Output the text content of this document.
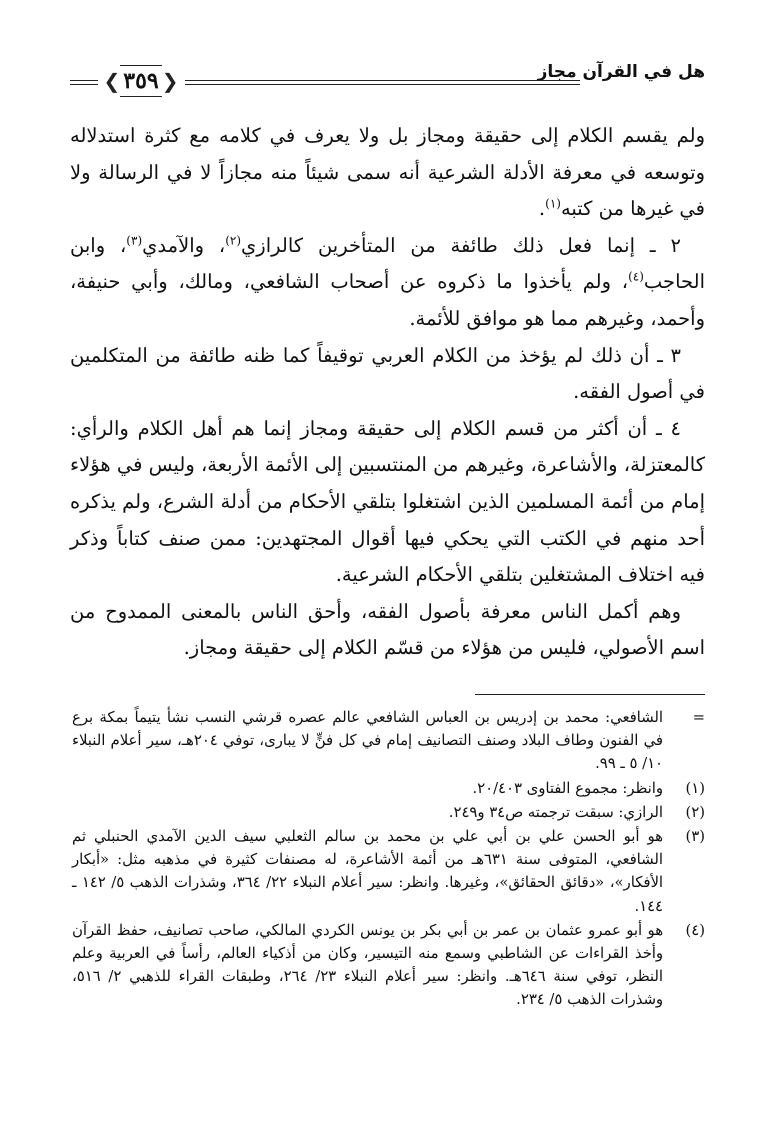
هل في القرآن مجاز
❮
٣٥٩
❯

ولم يقسم الكلام إلى حقيقة ومجاز بل ولا يعرف في كلامه مع كثرة استدلاله وتوسعه في معرفة الأدلة الشرعية أنه سمى شيئاً منه مجازاً لا في الرسالة ولا في غيرها من كتبه$^{(١)}$.

٢ ـ إنما فعل ذلك طائفة من المتأخرين كالرازي$^{(٢)}$، والآمدي$^{(٣)}$، وابن الحاجب$^{(٤)}$، ولم يأخذوا ما ذكروه عن أصحاب الشافعي، ومالك، وأبي حنيفة، وأحمد، وغيرهم مما هو موافق للأئمة.

٣ ـ أن ذلك لم يؤخذ من الكلام العربي توقيفاً كما ظنه طائفة من المتكلمين في أصول الفقه.

٤ ـ أن أكثر من قسم الكلام إلى حقيقة ومجاز إنما هم أهل الكلام والرأي: كالمعتزلة، والأشاعرة، وغيرهم من المنتسبين إلى الأئمة الأربعة، وليس في هؤلاء إمام من أئمة المسلمين الذين اشتغلوا بتلقي الأحكام من أدلة الشرع، ولم يذكره أحد منهم في الكتب التي يحكي فيها أقوال المجتهدين: ممن صنف كتاباً وذكر فيه اختلاف المشتغلين بتلقي الأحكام الشرعية.

وهم أكمل الناس معرفة بأصول الفقه، وأحق الناس بالمعنى الممدوح من اسم الأصولي، فليس من هؤلاء من قسّم الكلام إلى حقيقة ومجاز.

=
الشافعي: محمد بن إدريس بن العباس الشافعي عالم عصره قرشي النسب نشأ يتيماً بمكة برع في الفنون وطاف البلاد وصنف التصانيف إمام في كل فنٍّ لا يبارى، توفي ٢٠٤هـ، سير أعلام النبلاء ١٠/ ٥ ـ ٩٩.
(١)
وانظر: مجموع الفتاوى ٢٠/٤٠٣.
(٢)
الرازي: سبقت ترجمته ص٣٤ و٢٤٩.
(٣)
هو أبو الحسن علي بن أبي علي بن محمد بن سالم الثعلبي سيف الدين الآمدي الحنبلي ثم الشافعي، المتوفى سنة ٦٣١هـ من أئمة الأشاعرة، له مصنفات كثيرة في مذهبه مثل: «أبكار الأفكار»، «دقائق الحقائق»، وغيرها. وانظر: سير أعلام النبلاء ٢٢/ ٣٦٤، وشذرات الذهب ٥/ ١٤٢ ـ ١٤٤.
(٤)
هو أبو عمرو عثمان بن عمر بن أبي بكر بن يونس الكردي المالكي، صاحب تصانيف، حفظ القرآن وأخذ القراءات عن الشاطبي وسمع منه التيسير، وكان من أذكياء العالم، رأساً في العربية وعلم النظر، توفي سنة ٦٤٦هـ. وانظر: سير أعلام النبلاء ٢٣/ ٢٦٤، وطبقات القراء للذهبي ٢/ ٥١٦، وشذرات الذهب ٥/ ٢٣٤.
